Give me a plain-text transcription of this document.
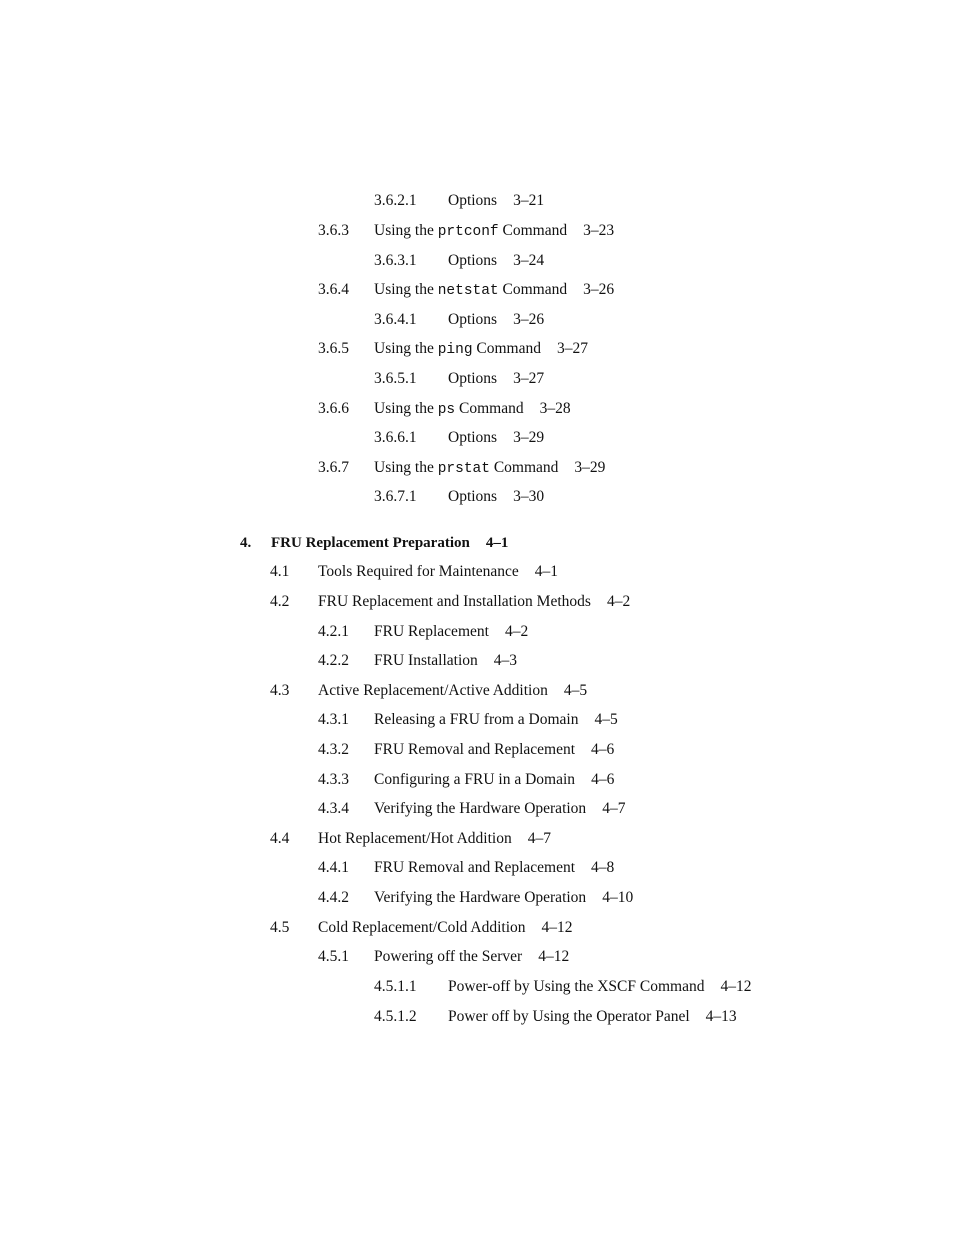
3.6.2.1 Options 3–21
3.6.3 Using the prtconf Command 3–23
3.6.3.1 Options 3–24
3.6.4 Using the netstat Command 3–26
3.6.4.1 Options 3–26
3.6.5 Using the ping Command 3–27
3.6.5.1 Options 3–27
3.6.6 Using the ps Command 3–28
3.6.6.1 Options 3–29
3.6.7 Using the prstat Command 3–29
3.6.7.1 Options 3–30
4. FRU Replacement Preparation 4–1
4.1 Tools Required for Maintenance 4–1
4.2 FRU Replacement and Installation Methods 4–2
4.2.1 FRU Replacement 4–2
4.2.2 FRU Installation 4–3
4.3 Active Replacement/Active Addition 4–5
4.3.1 Releasing a FRU from a Domain 4–5
4.3.2 FRU Removal and Replacement 4–6
4.3.3 Configuring a FRU in a Domain 4–6
4.3.4 Verifying the Hardware Operation 4–7
4.4 Hot Replacement/Hot Addition 4–7
4.4.1 FRU Removal and Replacement 4–8
4.4.2 Verifying the Hardware Operation 4–10
4.5 Cold Replacement/Cold Addition 4–12
4.5.1 Powering off the Server 4–12
4.5.1.1 Power-off by Using the XSCF Command 4–12
4.5.1.2 Power off by Using the Operator Panel 4–13
